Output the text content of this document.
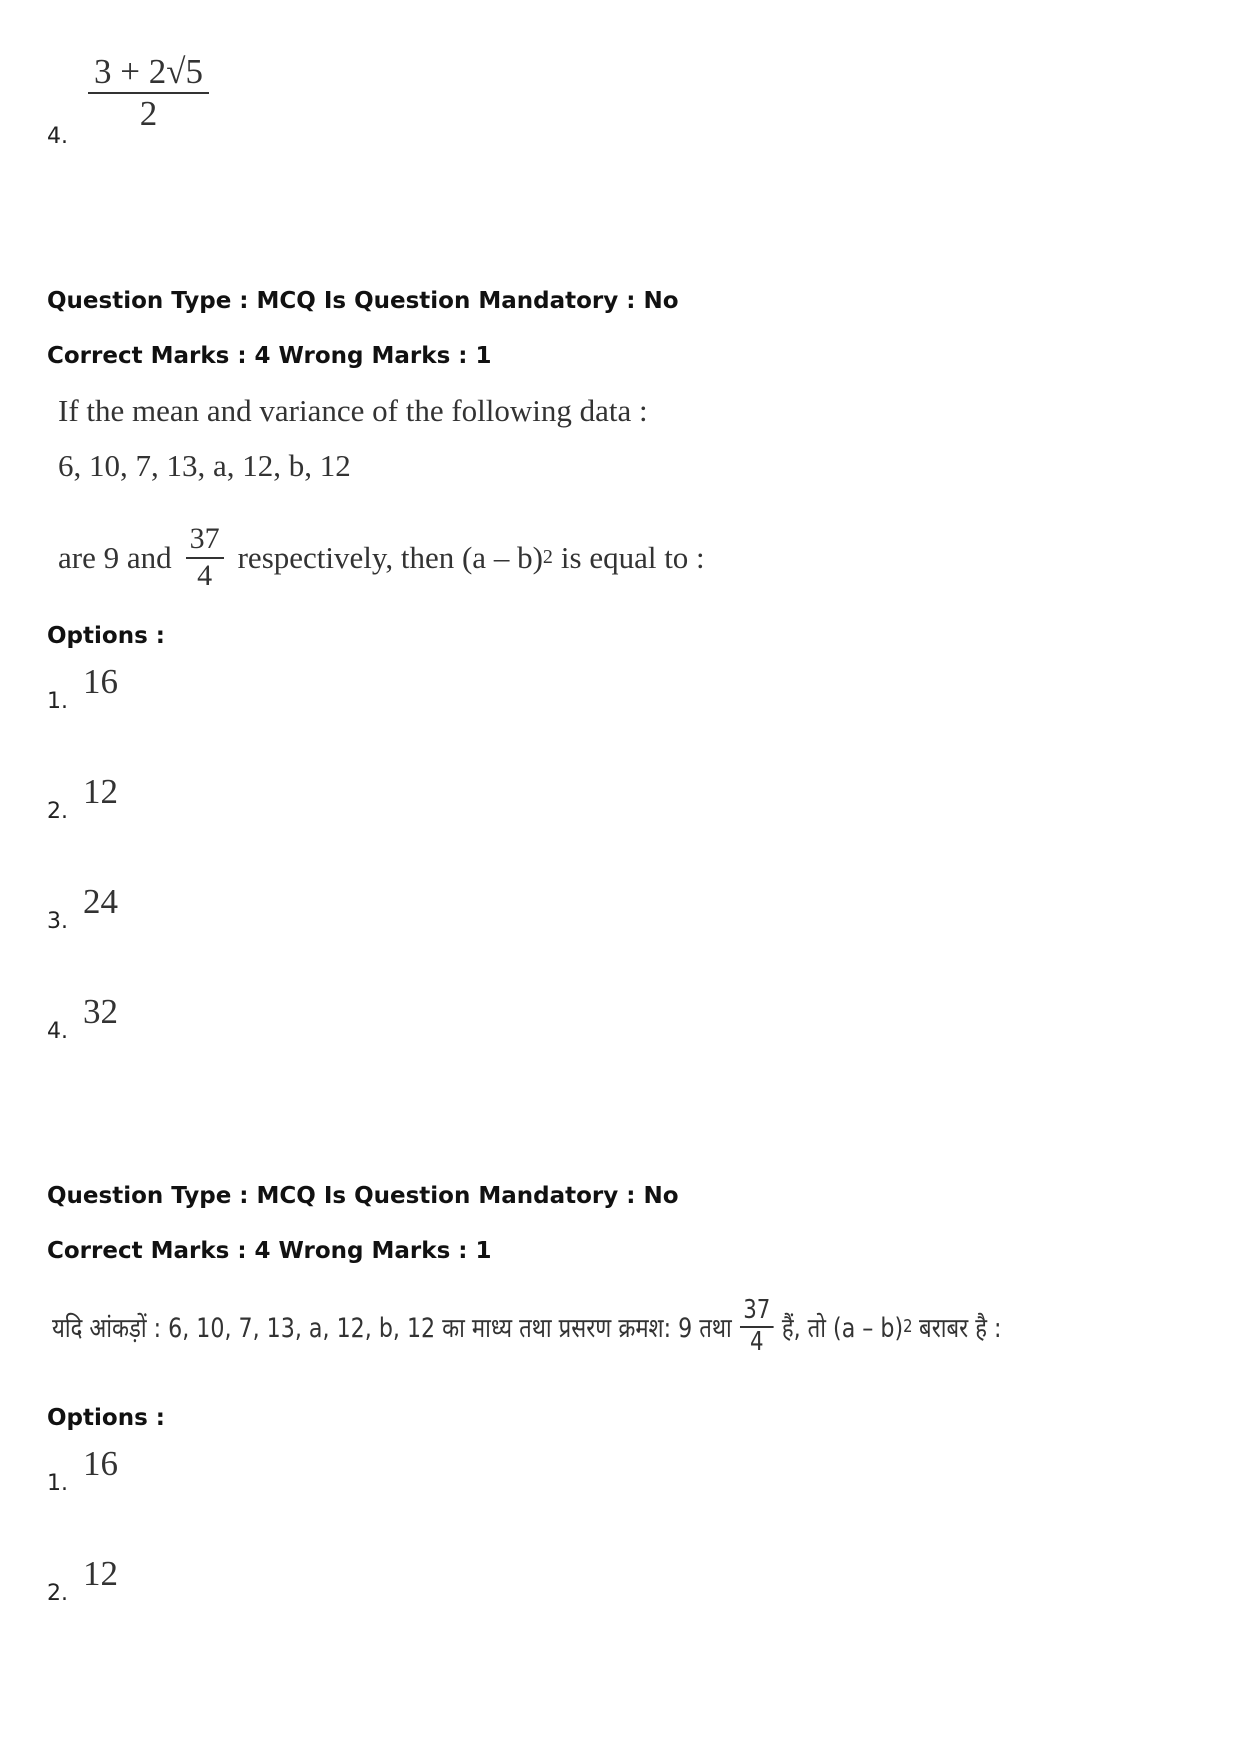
4.
$\frac{3 + 2√5}{2}$
Question Type : MCQ Is Question Mandatory : No
Correct Marks : 4 Wrong Marks : 1
If the mean and variance of the following data :
6, 10, 7, 13, a, 12, b, 12
are 9 and $\frac{37}{4}$ respectively, then (a – b) 2 is equal to :
Options :
1.
16
2.
12
3.
24
4.
32
Question Type : MCQ Is Question Mandatory : No
Correct Marks : 4 Wrong Marks : 1
यदि आंकड़ों : 6, 10, 7, 13, a, 12, b, 12 का माध्य तथा प्रसरण क्रमश: 9 तथा $\frac{37}{4}$ हैं, तो (a – b) 2 बराबर है :
Options :
1.
16
2.
12
